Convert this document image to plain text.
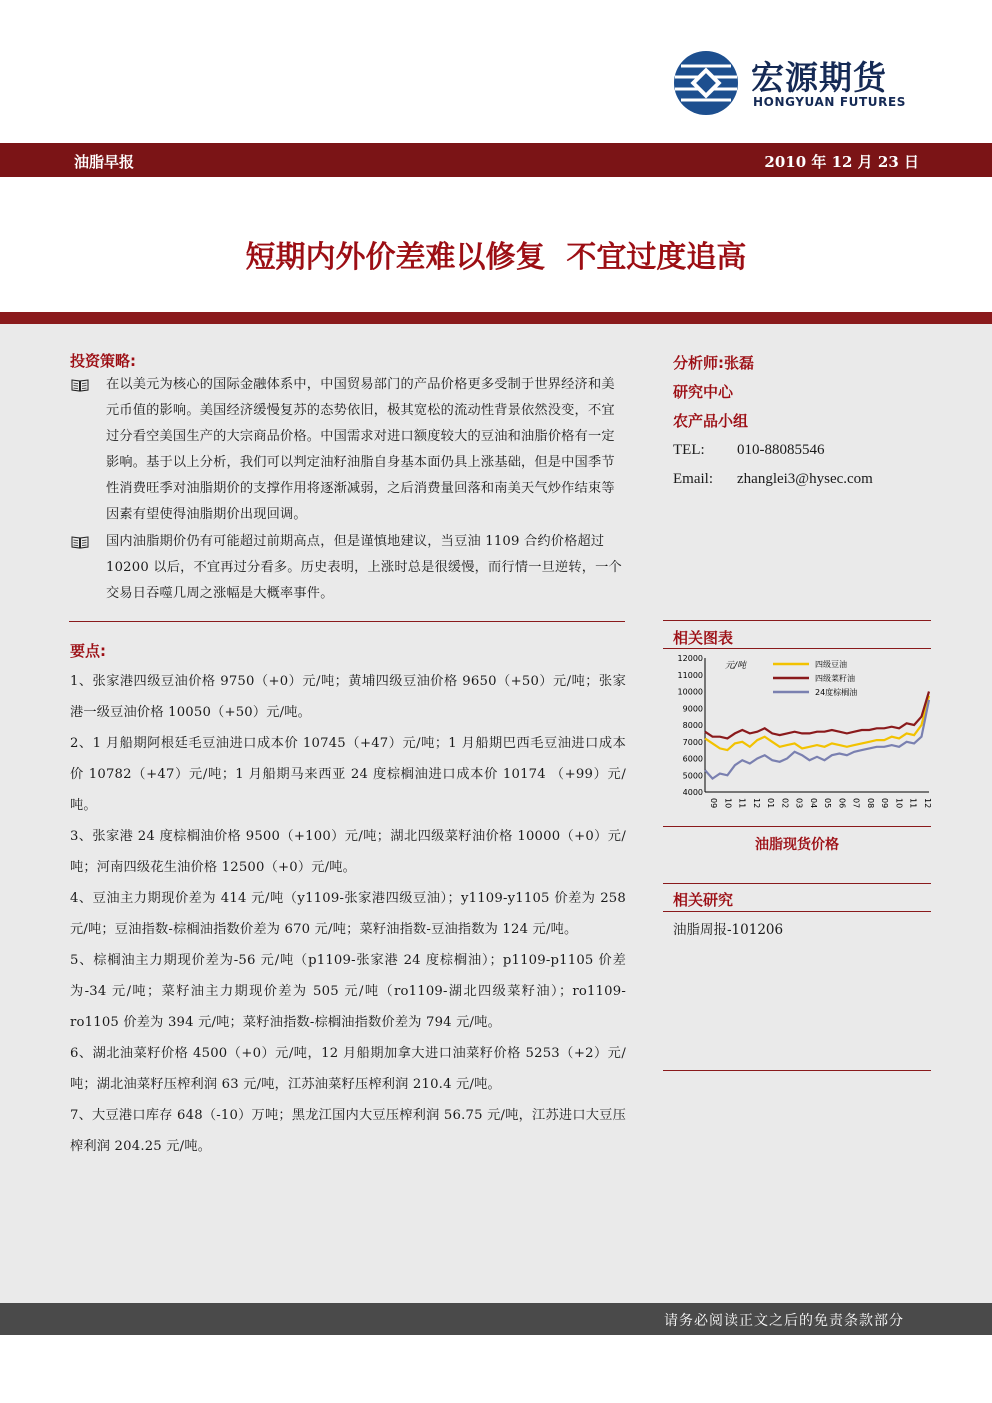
宏源期货
HONGYUAN FUTURES
油脂早报	2010 年 12 月 23 日
短期内外价差难以修复  不宜过度追高
投资策略:
在以美元为核心的国际金融体系中，中国贸易部门的产品价格更多受制于世界经济和美元币值的影响。美国经济缓慢复苏的态势依旧，极其宽松的流动性背景依然没变，不宜过分看空美国生产的大宗商品价格。中国需求对进口额度较大的豆油和油脂价格有一定影响。基于以上分析，我们可以判定油籽油脂自身基本面仍具上涨基础，但是中国季节性消费旺季对油脂期价的支撑作用将逐渐减弱，之后消费量回落和南美天气炒作结束等因素有望使得油脂期价出现回调。
国内油脂期价仍有可能超过前期高点，但是谨慎地建议，当豆油 1109 合约价格超过 10200 以后，不宜再过分看多。历史表明，上涨时总是很缓慢，而行情一旦逆转，一个交易日吞噬几周之涨幅是大概率事件。
要点:
1、张家港四级豆油价格 9750（+0）元/吨；黄埔四级豆油价格 9650（+50）元/吨；张家港一级豆油价格 10050（+50）元/吨。
2、1 月船期阿根廷毛豆油进口成本价 10745（+47）元/吨；1 月船期巴西毛豆油进口成本价 10782（+47）元/吨；1 月船期马来西亚 24 度棕榈油进口成本价 10174 （+99）元/吨。
3、张家港 24 度棕榈油价格 9500（+100）元/吨；湖北四级菜籽油价格 10000（+0）元/吨；河南四级花生油价格 12500（+0）元/吨。
4、豆油主力期现价差为 414 元/吨（y1109-张家港四级豆油）；y1109-y1105 价差为 258 元/吨；豆油指数-棕榈油指数价差为 670 元/吨；菜籽油指数-豆油指数为 124 元/吨。
5、棕榈油主力期现价差为-56 元/吨（p1109-张家港 24 度棕榈油）；p1109-p1105 价差为-34 元/吨；菜籽油主力期现价差为 505 元/吨（ro1109-湖北四级菜籽油）；ro1109-ro1105 价差为 394 元/吨；菜籽油指数-棕榈油指数价差为 794 元/吨。
6、湖北油菜籽价格 4500（+0）元/吨，12 月船期加拿大进口油菜籽价格 5253（+2）元/吨；湖北油菜籽压榨利润 63 元/吨，江苏油菜籽压榨利润 210.4 元/吨。
7、大豆港口库存 648（-10）万吨；黑龙江国内大豆压榨利润 56.75 元/吨，江苏进口大豆压榨利润 204.25 元/吨。
分析师:张磊
研究中心
农产品小组
TEL: 010-88085546
Email: zhanglei3@hysec.com
相关图表
12000
11000
10000
9000
8000
7000
6000
5000
4000
09 10 11 12 01 02 03 04 05 06 07 08 09 10 11 12
元/吨	四级豆油
四级菜籽油
24度棕榈油
油脂现货价格
相关研究
油脂周报-101206
请务必阅读正文之后的免责条款部分
